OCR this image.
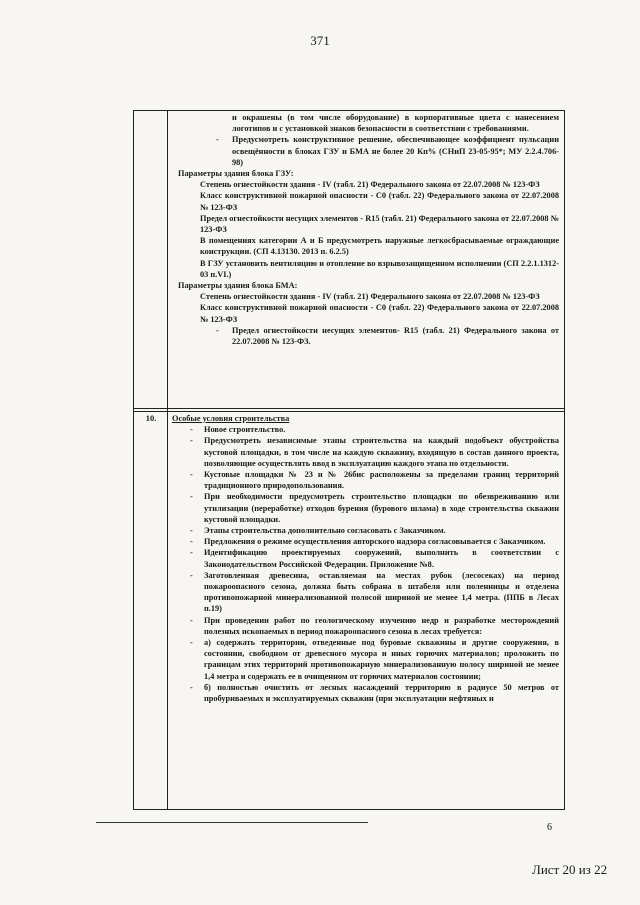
371

и окрашены (в том числе оборудование) в корпоративные цвета с нанесением логотипов и с установкой знаков безопасности в соответствии с требованиями.

- Предусмотреть конструктивное решение, обеспечивающее коэффициент пульсации освещённости в блоках ГЗУ и БМА не более 20 Кп% (СНиП 23-05-95*; МУ 2.2.4.706-98)

Параметры здания блока ГЗУ:

Степень огнестойкости здания - IV (табл. 21) Федерального закона от 22.07.2008 № 123-ФЗ

Класс конструктивной пожарной опасности - С0 (табл. 22) Федерального закона от 22.07.2008 № 123-ФЗ

Предел огнестойкости несущих элементов - R15 (табл. 21) Федерального закона от 22.07.2008 № 123-ФЗ

В помещениях категории А и Б предусмотреть наружные легкосбрасываемые ограждающие конструкции. (СП 4.13130. 2013 п. 6.2.5)

В ГЗУ установить вентиляцию и отопление во взрывозащищенном исполнении (СП 2.2.1.1312-03 п.VI.)

Параметры здания блока БМА:

Степень огнестойкости здания - IV (табл. 21) Федерального закона от 22.07.2008 № 123-ФЗ

Класс конструктивной пожарной опасности - С0 (табл. 22) Федерального закона от 22.07.2008 № 123-ФЗ

- Предел огнестойкости несущих элементов- R15 (табл. 21) Федерального закона от 22.07.2008 № 123-ФЗ.

10.	Особые условия строительства

- Новое строительство.

- Предусмотреть независимые этапы строительства на каждый подобъект обустройства кустовой площадки, в том числе на каждую скважину, входящую в состав данного проекта, позволяющие осуществлять ввод в эксплуатацию каждого этапа по отдельности.

- Кустовые площадки № 23 и № 26бис расположены за пределами границ территорий традиционного природопользования.

- При необходимости предусмотреть строительство площадки по обезвреживанию или утилизации (переработке) отходов бурения (бурового шлама) в ходе строительства скважин кустовой площадки.

- Этапы строительства дополнительно согласовать с Заказчиком.

- Предложения о режиме осуществления авторского надзора согласовывается с Заказчиком.

- Идентификацию проектируемых сооружений, выполнить в соответствии с Законодательством Российской Федерации. Приложение №8.

- Заготовленная древесина, оставляемая на местах рубок (лесосеках) на период пожароопасного сезона, должна быть собрана в штабеля или поленницы и отделена противопожарной минерализованной полосой шириной не менее 1,4 метра. (ППБ в Лесах п.19)

- При проведении работ по геологическому изучению недр и разработке месторождений полезных ископаемых в период пожароопасного сезона в лесах требуется:

- а) содержать территории, отведенные под буровые скважины и другие сооружения, в состоянии, свободном от древесного мусора и иных горючих материалов; проложить по границам этих территорий противопожарную минерализованную полосу шириной не менее 1,4 метра и содержать ее в очищенном от горючих материалов состоянии;

- б) полностью очистить от лесных насаждений территорию в радиусе 50 метров от пробуриваемых и эксплуатируемых скважин (при эксплуатации нефтяных и

6
Лист 20 из 22
